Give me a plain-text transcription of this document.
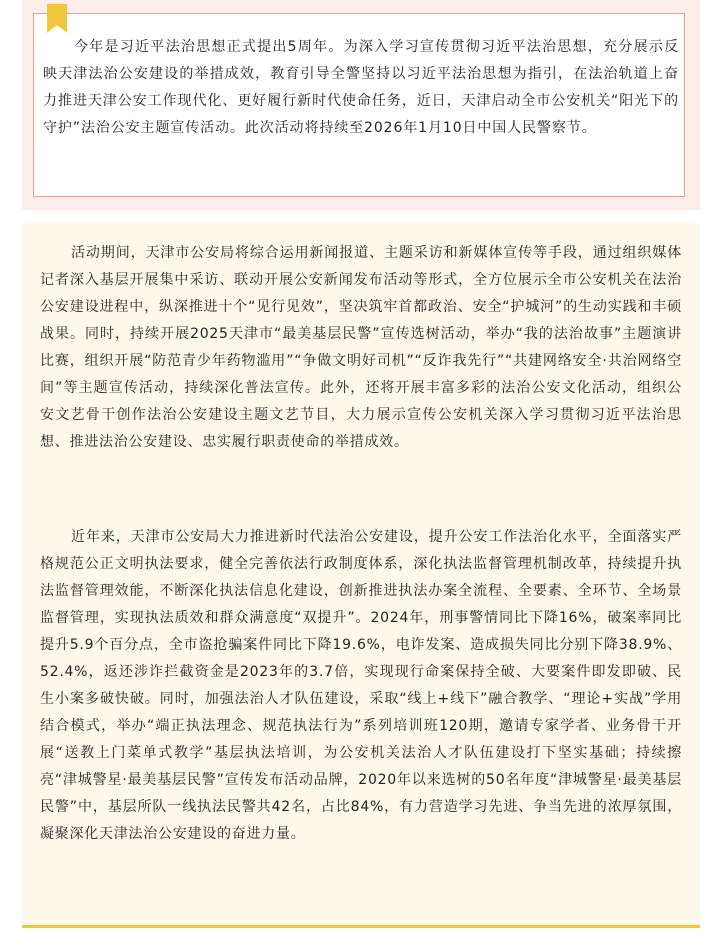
今年是习近平法治思想正式提出5周年。为深入学习宣传贯彻习近平法治思想，充分展示反映天津法治公安建设的举措成效，教育引导全警坚持以习近平法治思想为指引，在法治轨道上奋力推进天津公安工作现代化、更好履行新时代使命任务，近日，天津启动全市公安机关“阳光下的守护”法治公安主题宣传活动。此次活动将持续至2026年1月10日中国人民警察节。

活动期间，天津市公安局将综合运用新闻报道、主题采访和新媒体宣传等手段，通过组织媒体记者深入基层开展集中采访、联动开展公安新闻发布活动等形式，全方位展示全市公安机关在法治公安建设进程中，纵深推进十个“见行见效”，坚决筑牢首都政治、安全“护城河”的生动实践和丰硕战果。同时，持续开展2025天津市“最美基层民警”宣传选树活动，举办“我的法治故事”主题演讲比赛，组织开展“防范青少年药物滥用”“争做文明好司机”“反诈我先行”“共建网络安全·共治网络空间”等主题宣传活动，持续深化普法宣传。此外，还将开展丰富多彩的法治公安文化活动，组织公安文艺骨干创作法治公安建设主题文艺节目，大力展示宣传公安机关深入学习贯彻习近平法治思想、推进法治公安建设、忠实履行职责使命的举措成效。

近年来，天津市公安局大力推进新时代法治公安建设，提升公安工作法治化水平，全面落实严格规范公正文明执法要求，健全完善依法行政制度体系，深化执法监督管理机制改革，持续提升执法监督管理效能，不断深化执法信息化建设，创新推进执法办案全流程、全要素、全环节、全场景监督管理，实现执法质效和群众满意度“双提升”。2024年，刑事警情同比下降16%，破案率同比提升5.9个百分点，全市盗抢骗案件同比下降19.6%，电诈发案、造成损失同比分别下降38.9%、52.4%，返还涉诈拦截资金是2023年的3.7倍，实现现行命案保持全破、大要案件即发即破、民生小案多破快破。同时，加强法治人才队伍建设，采取“线上+线下”融合教学、“理论+实战”学用结合模式，举办“端正执法理念、规范执法行为”系列培训班120期，邀请专家学者、业务骨干开展“送教上门菜单式教学”基层执法培训，为公安机关法治人才队伍建设打下坚实基础；持续擦亮“津城警星·最美基层民警”宣传发布活动品牌，2020年以来选树的50名年度“津城警星·最美基层民警”中，基层所队一线执法民警共42名，占比84%，有力营造学习先进、争当先进的浓厚氛围，凝聚深化天津法治公安建设的奋进力量。
